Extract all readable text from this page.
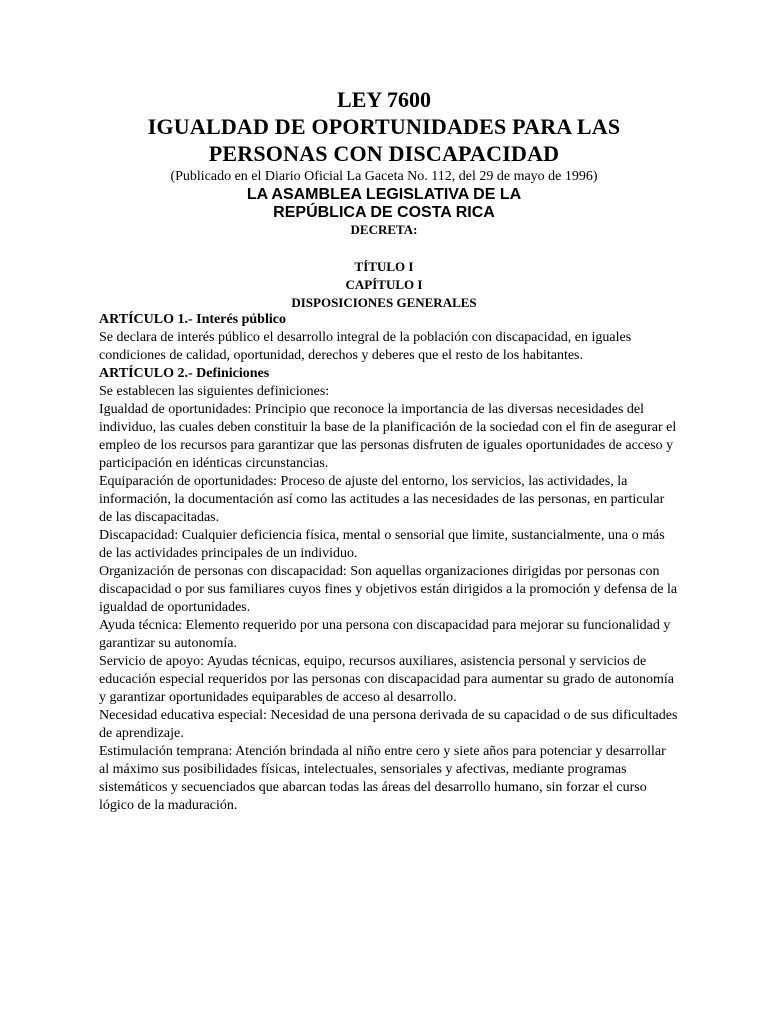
LEY 7600

IGUALDAD DE OPORTUNIDADES PARA LAS

PERSONAS CON DISCAPACIDAD

(Publicado en el Diario Oficial La Gaceta No. 112, del 29 de mayo de 1996)

LA ASAMBLEA LEGISLATIVA DE LA

REPÚBLICA DE COSTA RICA

DECRETA:

TÍTULO I

CAPÍTULO I

DISPOSICIONES GENERALES

ARTÍCULO 1.- Interés público

Se declara de interés público el desarrollo integral de la población con discapacidad, en iguales condiciones de calidad, oportunidad, derechos y deberes que el resto de los habitantes.

ARTÍCULO 2.- Definiciones

Se establecen las siguientes definiciones:

Igualdad de oportunidades: Principio que reconoce la importancia de las diversas necesidades del individuo, las cuales deben constituir la base de la planificación de la sociedad con el fin de asegurar el empleo de los recursos para garantizar que las personas disfruten de iguales oportunidades de acceso y participación en idénticas circunstancias.

Equiparación de oportunidades: Proceso de ajuste del entorno, los servicios, las actividades, la información, la documentación así como las actitudes a las necesidades de las personas, en particular de las discapacitadas.

Discapacidad: Cualquier deficiencia física, mental o sensorial que limite, sustancialmente, una o más de las actividades principales de un individuo.

Organización de personas con discapacidad: Son aquellas organizaciones dirigidas por personas con discapacidad o por sus familiares cuyos fines y objetivos están dirigidos a la promoción y defensa de la igualdad de oportunidades.

Ayuda técnica: Elemento requerido por una persona con discapacidad para mejorar su funcionalidad y garantizar su autonomía.

Servicio de apoyo: Ayudas técnicas, equipo, recursos auxiliares, asistencia personal y servicios de educación especial requeridos por las personas con discapacidad para aumentar su grado de autonomía y garantizar oportunidades equiparables de acceso al desarrollo.

Necesidad educativa especial: Necesidad de una persona derivada de su capacidad o de sus dificultades de aprendizaje.

Estimulación temprana: Atención brindada al niño entre cero y siete años para potenciar y desarrollar al máximo sus posibilidades físicas, intelectuales, sensoriales y afectivas, mediante programas sistemáticos y secuenciados que abarcan todas las áreas del desarrollo humano, sin forzar el curso lógico de la maduración.
